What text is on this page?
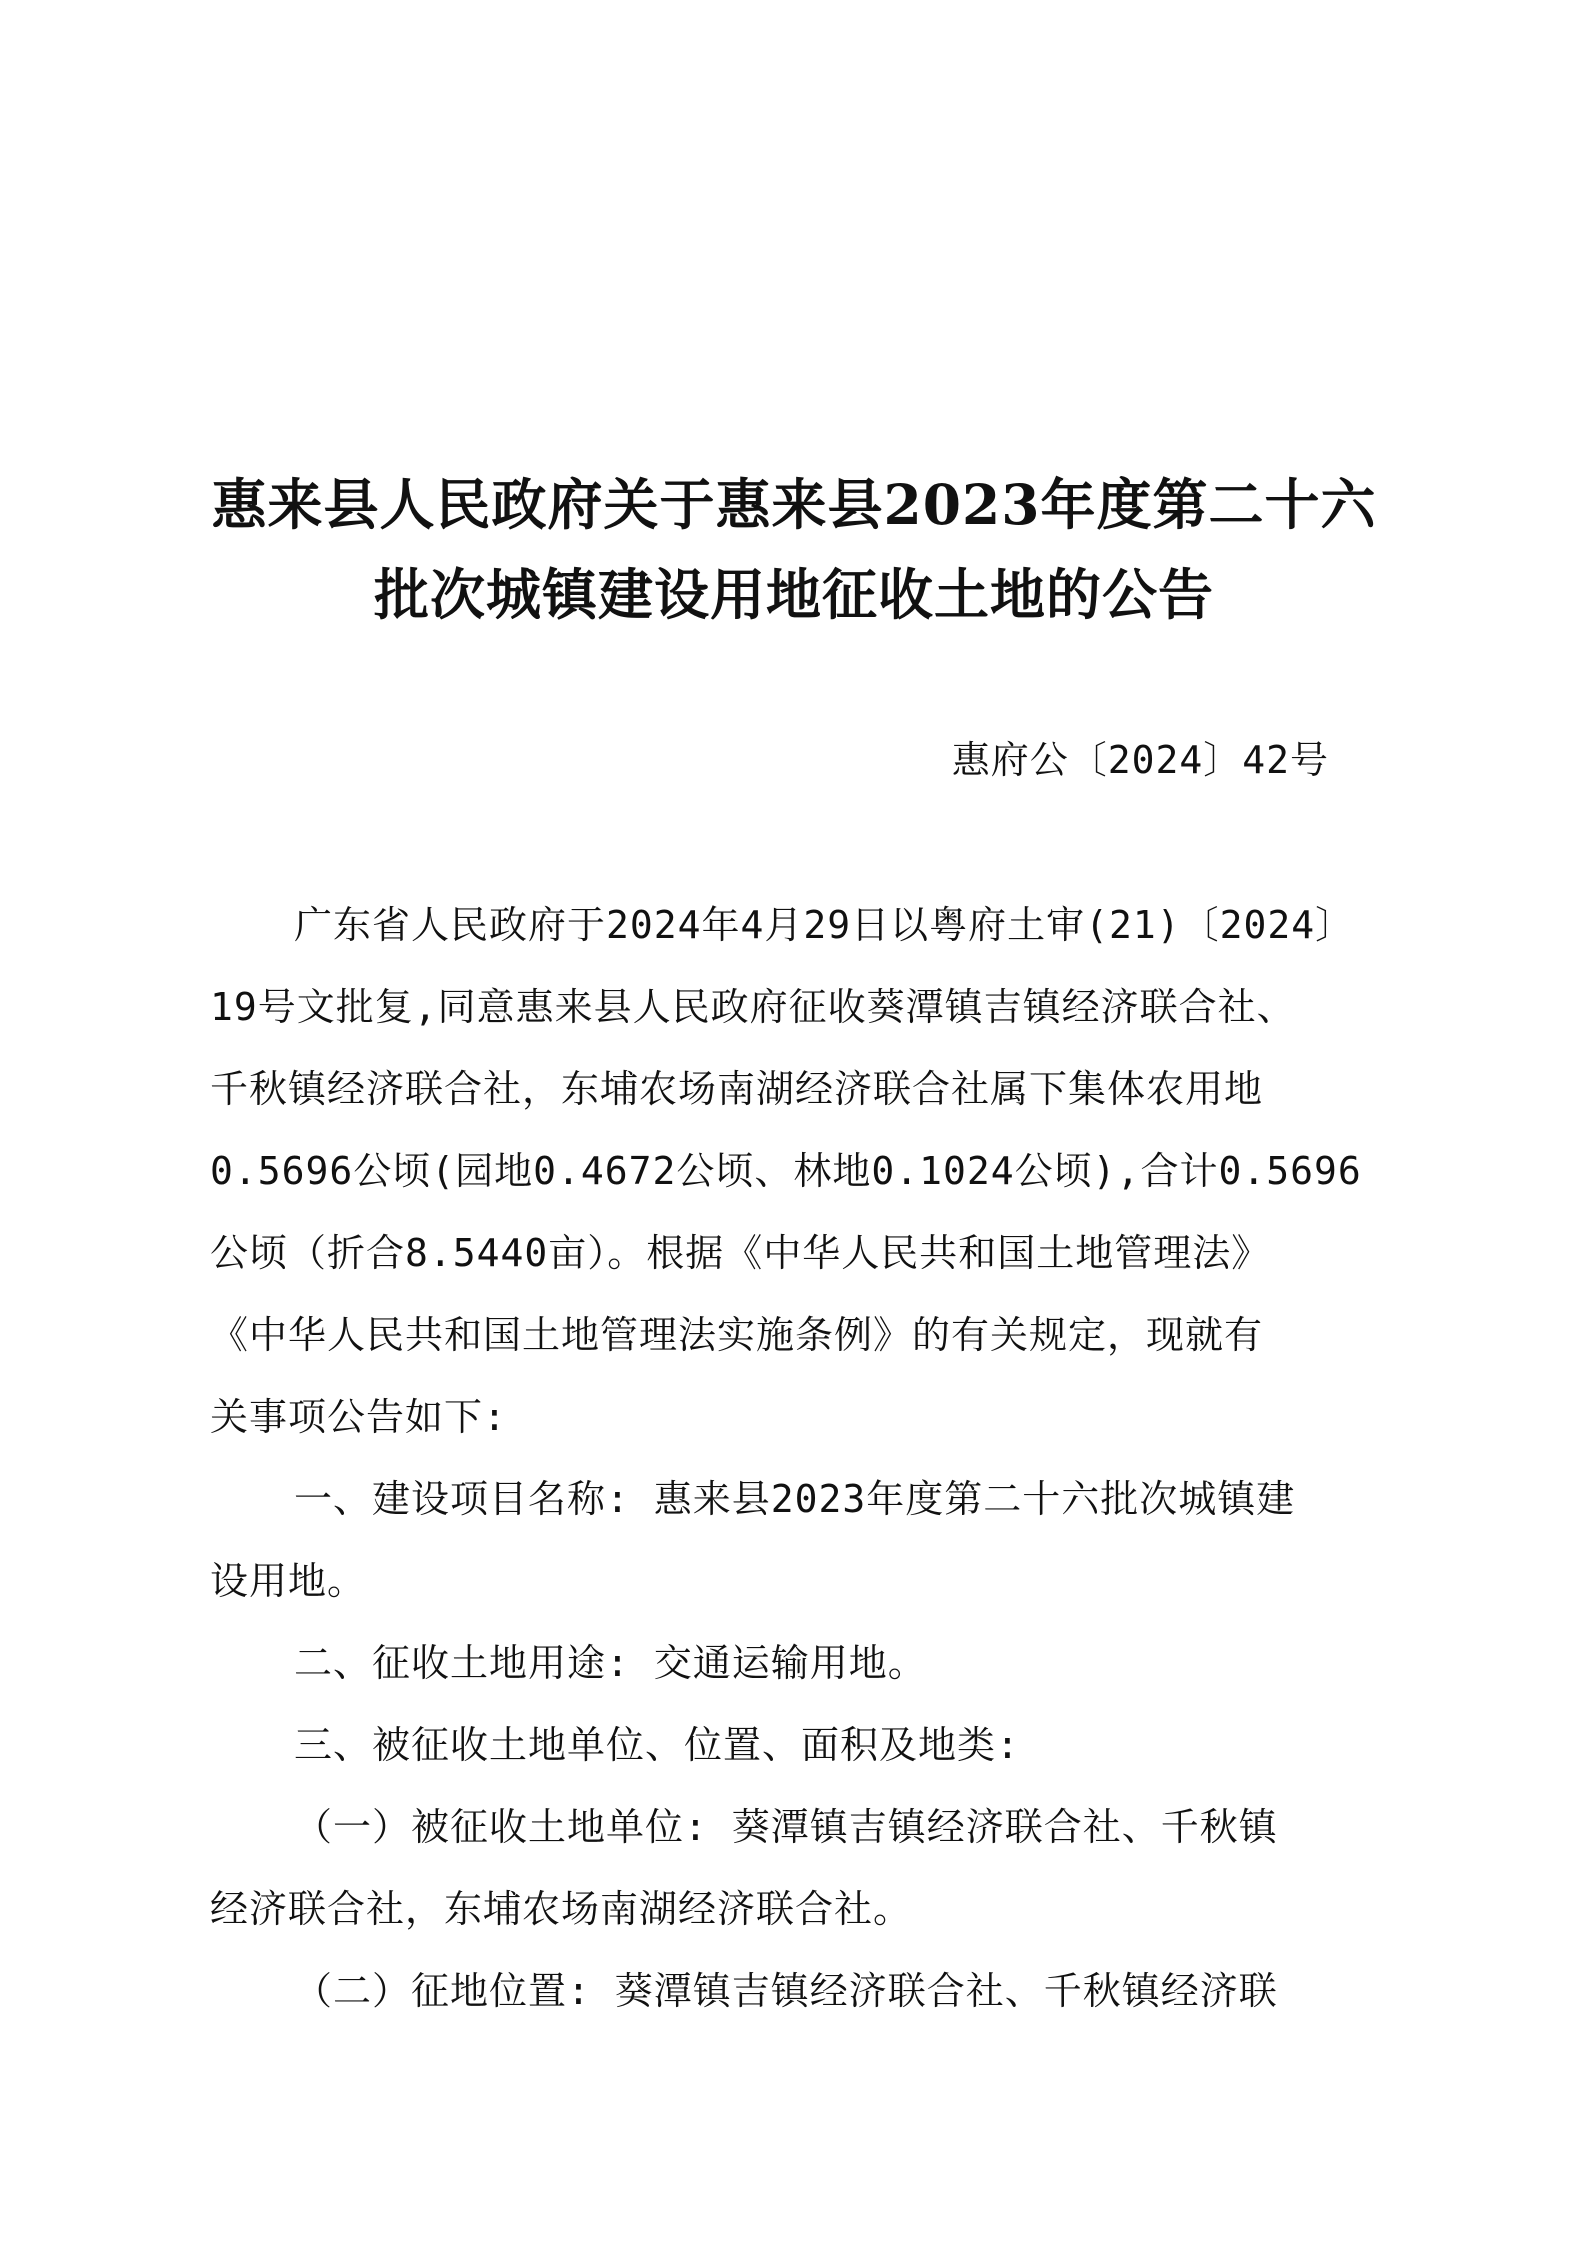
惠来县人民政府关于惠来县2023年度第二十六
批次城镇建设用地征收土地的公告
惠府公〔2024〕42号
广东省人民政府于2024年4月29日以粤府土审(21)〔2024〕
19号文批复,同意惠来县人民政府征收葵潭镇吉镇经济联合社、
千秋镇经济联合社，东埔农场南湖经济联合社属下集体农用地
0.5696公顷(园地0.4672公顷、林地0.1024公顷),合计0.5696
公顷（折合8.5440亩）。根据《中华人民共和国土地管理法》
《中华人民共和国土地管理法实施条例》的有关规定，现就有
关事项公告如下:
一、建设项目名称: 惠来县2023年度第二十六批次城镇建
设用地。
二、征收土地用途: 交通运输用地。
三、被征收土地单位、位置、面积及地类:
（一）被征收土地单位: 葵潭镇吉镇经济联合社、千秋镇
经济联合社，东埔农场南湖经济联合社。
（二）征地位置: 葵潭镇吉镇经济联合社、千秋镇经济联
